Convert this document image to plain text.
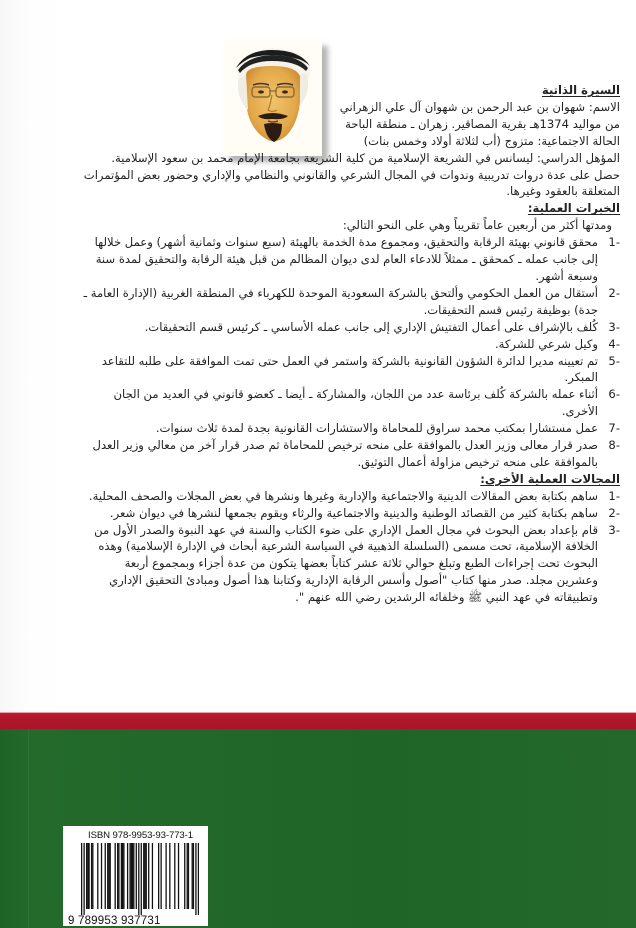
السيرة الذاتية

الاسم: شهوان بن عبد الرحمن بن شهوان آل علي الزهراني

من مواليد 1374هـ بقرية المصاقير. زهران ـ منطقة الباحة

الحالة الاجتماعية: متزوج (أب لثلاثة أولاد وخمس بنات)

المؤهل الدراسي: ليسانس في الشريعة الإسلامية من كلية الشريعة بجامعة الإمام محمد بن سعود الإسلامية.

حصل على عدة دروات تدريبية وندوات في المجال الشرعي والقانوني والنظامي والإداري وحضور بعض المؤتمرات المتعلقة بالعقود وغيرها.

الخبرات العملية:

ومدتها أكثر من أربعين عاماً تقريباً وهي على النحو التالي:

-1
محقق قانوني بهيئة الرقابة والتحقيق، ومجموع مدة الخدمة بالهيئة (سبع سنوات وثمانية أشهر) وعمل خلالها إلى جانب عمله ـ كمحقق ـ ممثلاً للادعاء العام لدى ديوان المظالم من قبل هيئة الرقابة والتحقيق لمدة سنة وسبعة أشهر.
-2
أستقال من العمل الحكومي وألتحق بالشركة السعودية الموحدة للكهرباء في المنطقة الغربية (الإدارة العامة ـ جدة) بوظيفة رئيس قسم التحقيقات.
-3
كُلف بالإشراف على أعمال التفتيش الإداري إلى جانب عمله الأساسي ـ كرئيس قسم التحقيقات.
-4
وكيل شرعي للشركة.
-5
تم تعيينه مديرا لدائرة الشؤون القانونية بالشركة واستمر في العمل حتى تمت الموافقة على طلبه للتقاعد المبكر.
-6
أثناء عمله بالشركة كُلف برئاسة عدد من اللجان، والمشاركة ـ أيضا ـ كعضو قانوني في العديد من الجان الأخرى.
-7
عمل مستشارا بمكتب محمد سراوق للمحاماة والاستشارات القانونية بجدة لمدة ثلاث سنوات.
-8
صدر قرار معالى وزير العدل بالموافقة على منحه ترخيص للمحاماة ثم صدر قرار آخر من معالي وزير العدل بالموافقة على منحه ترخيص مزاولة أعمال التوثيق.

المجالات العملية الأخرى:

-1
ساهم بكتابة بعض المقالات الدينية والاجتماعية والإدارية وغيرها ونشرها في بعض المجلات والصحف المحلية.
-2
ساهم بكتابة كثير من القصائد الوطنية والدينية والاجتماعية والرثاء ويقوم بجمعها لنشرها في ديوان شعر.
-3
قام بإعداد بعض البحوث في مجال العمل الإداري على ضوء الكتاب والسنة في عهد النبوة والصدر الأول من الخلافة الإسلامية، تحت مسمى (السلسلة الذهبية في السياسة الشرعية أبحاث في الإدارة الإسلامية) وهذه البحوث تحت إجراءات الطبع وتبلغ حوالي ثلاثة عشر كتاباً بعضها يتكون من عدة أجزاء وبمجموع أربعة وعشرين مجلد. صدر منها كتاب "أصول وأسس الرقابة الإدارية وكتابنا هذا أصول ومبادئ التحقيق الإداري وتطبيقاته في عهد النبي ﷺ وخلفائه الرشدين رضي الله عنهم ".
ISBN 978-9953-93-773-1
9 789953 937731
